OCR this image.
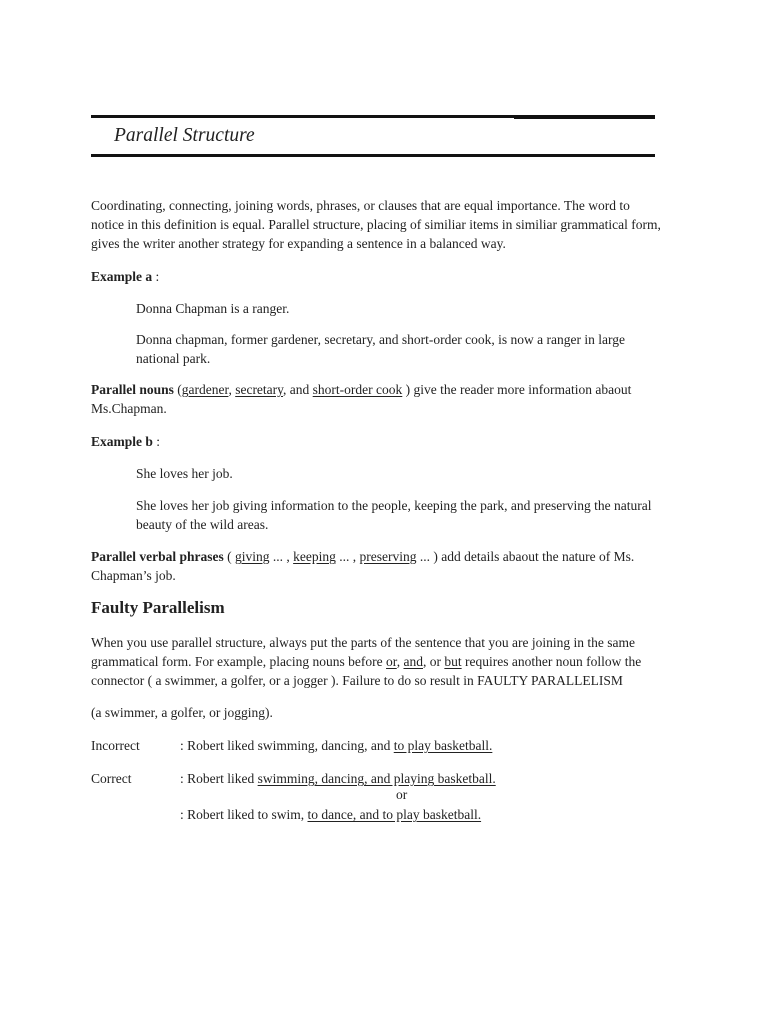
Parallel Structure
Coordinating, connecting, joining words, phrases, or clauses that are equal importance. The word to
notice in this definition is equal. Parallel structure, placing of similiar items in similiar grammatical form,
gives the writer another strategy for expanding a sentence in a balanced way.
Example a :
Donna Chapman is a ranger.
Donna chapman, former gardener, secretary, and short-order cook, is now a ranger in large
national park.
Parallel nouns (gardener, secretary, and short-order cook ) give the reader more information abaout
Ms.Chapman.
Example b :
She loves her job.
She loves her job giving information to the people, keeping the park, and preserving the natural
beauty of the wild areas.
Parallel verbal phrases ( giving ... , keeping ... , preserving ... ) add details abaout the nature of Ms.
Chapman’s job.
Faulty Parallelism
When you use parallel structure, always put the parts of the sentence that you are joining in the same
grammatical form. For example, placing nouns before or, and, or but requires another noun follow the
connector ( a swimmer, a golfer, or a jogger ). Failure to do so result in FAULTY PARALLELISM
(a swimmer, a golfer, or jogging).
Incorrect	: Robert liked swimming, dancing, and to play basketball.
Correct	: Robert liked swimming, dancing, and playing basketball.
or
: Robert liked to swim, to dance, and to play basketball.
